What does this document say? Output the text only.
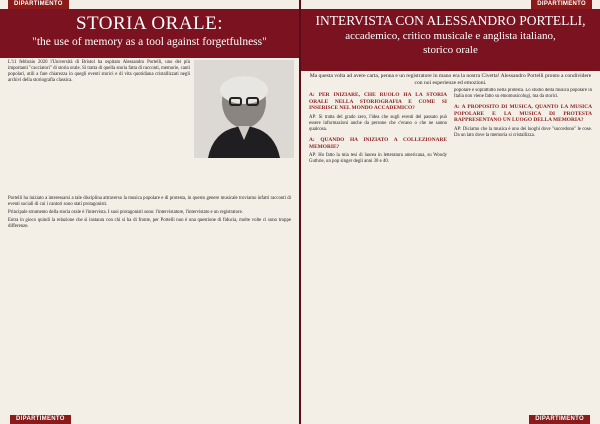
DIPARTIMENTO
STORIA ORALE:
"the use of memory as a tool against forgetfulness"

L'11 febbraio 2020 l'Università di Bristol ha ospitato Alessandro Portelli, uno dei più importanti "cacciatori" di storia orale. Si tratta di quella storia fatta di racconti, memorie, canti popolari, utili a fare chiarezza in quegli eventi storici e di vita quotidiana cristallizzati negli archivi della storiografia classica.

Portelli ha iniziato a interessarsi a tale disciplina attraverso la musica popolare e di protesta, in questo genere musicale troviamo infatti racconti di eventi sociali di cui i cantori sono stati protagonisti.

Principale strumento della storia orale è l'intervista. I suoi protagonisti sono: l'intervistatore, l'intervistato e un registratore.

Entra in gioco quindi la relazione che si instaura con chi si ha di fronte, per Portelli non è una questione di fiducia, molte volte ci sono troppe differenze.

DIPARTIMENTO
DIPARTIMENTO
INTERVISTA CON ALESSANDRO PORTELLI,
accademico, critico musicale e anglista italiano,
storico orale
Ma questa volta ad avere carta, penna e un registratore in mano era la nostra Civetta! Alessandro Portelli pronto a condividere con noi esperienze ed emozioni.
A: PER INIZIARE, CHE RUOLO HA LA STORIA ORALE NELLA STORIOGRAFIA E COME SI INSERISCE NEL MONDO ACCADEMICO?

AP: Si tratta del grado zero, l'idea che sugli eventi del passato può essere informazioni anche da persone che c'erano o che ne sanno qualcosa.

A: QUANDO HA INIZIATO A COLLEZIONARE MEMORIE?

AP: Ho fatto la mia tesi di laurea in letteratura americana, su Woody Guthrie, un pop singer degli anni 30 e 40.

popolare e soprattutto nella protesta. Lo studio della musica popolare in Italia non viene fatto su etnomusicologi, ma da storici.

A: A PROPOSITO DI MUSICA, QUANTO LA MUSICA POPOLARE E LA MUSICA DI PROTESTA RAPPRESENTANO UN LUOGO DELLA MEMORIA?

AP: Diciamo che la musica è uno dei luoghi dove "succedono" le cose. Da un lato dove la memoria si cristallizza.

DIPARTIMENTO
